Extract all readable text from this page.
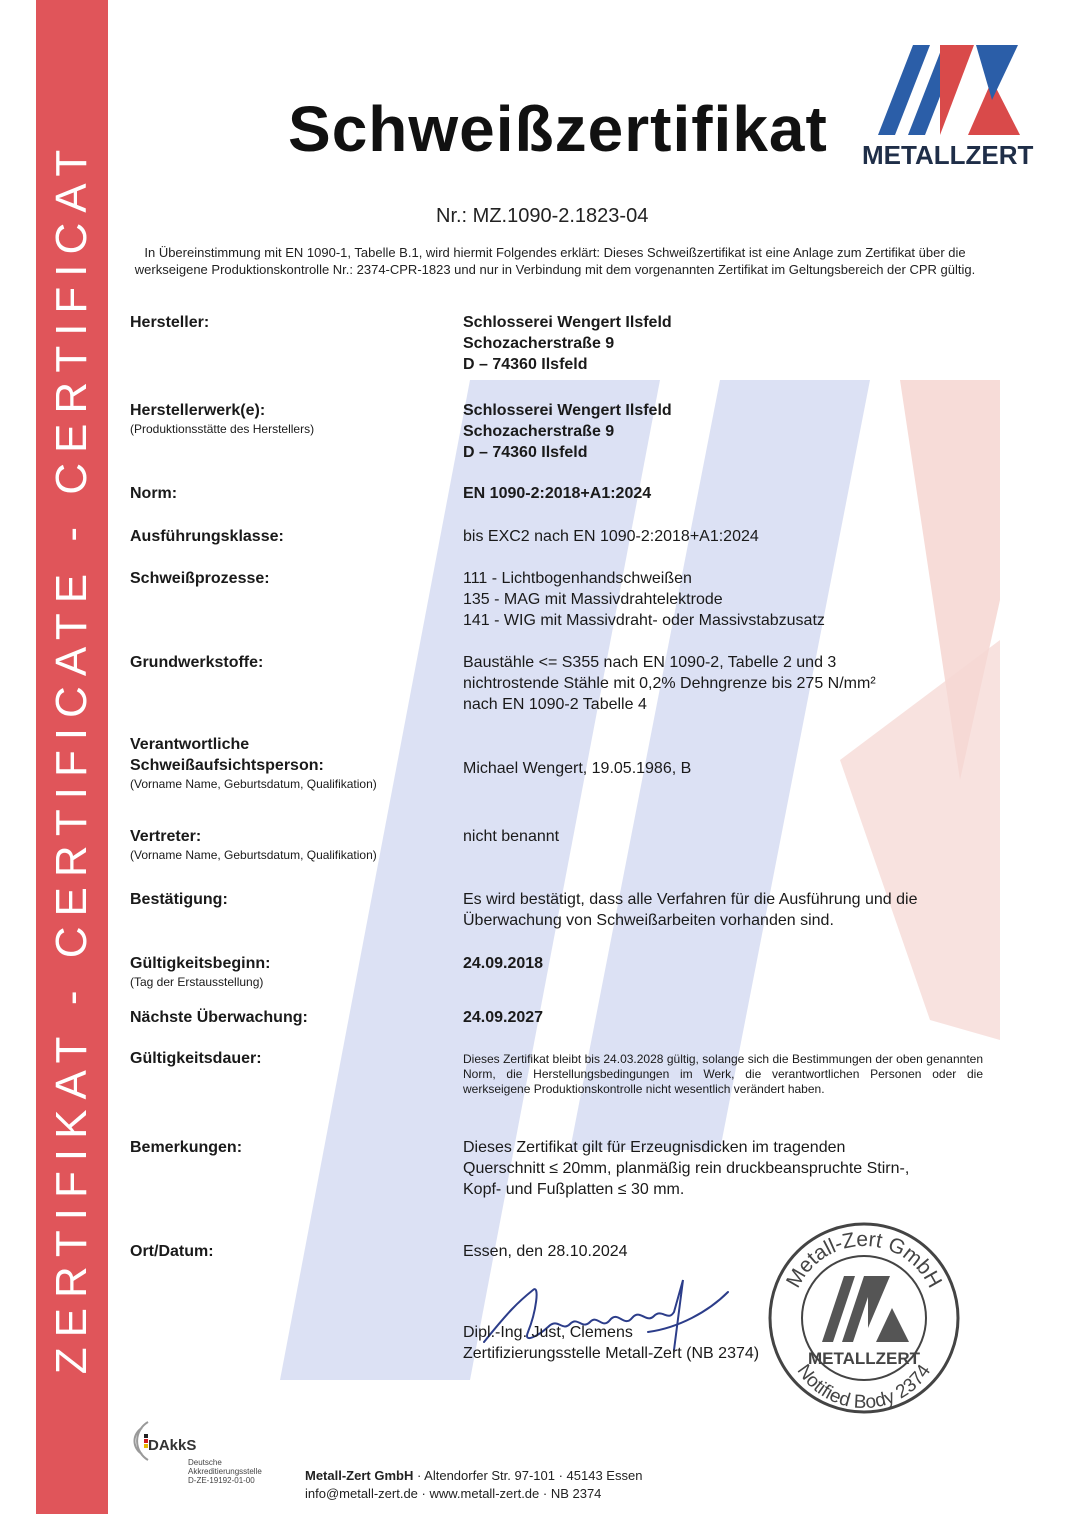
ZERTIFIKAT - CERTIFICATE - CERTIFICAT
Schweißzertifikat METALLZERT
Nr.: MZ.1090-2.1823-04
In Übereinstimmung mit EN 1090-1, Tabelle B.1, wird hiermit Folgendes erklärt: Dieses Schweißzertifikat ist eine Anlage zum Zertifikat über die werkseigene Produktionskontrolle Nr.: 2374-CPR-1823 und nur in Verbindung mit dem vorgenannten Zertifikat im Geltungsbereich der CPR gültig.
Hersteller:	Schlosserei Wengert Ilsfeld
Schozacherstraße 9
D – 74360 Ilsfeld
Herstellerwerk(e):
(Produktionsstätte des Herstellers)
Schlosserei Wengert Ilsfeld
Schozacherstraße 9
D – 74360 Ilsfeld
Norm:	EN 1090-2:2018+A1:2024
Ausführungsklasse:	bis EXC2 nach EN 1090-2:2018+A1:2024
Schweißprozesse:	111 - Lichtbogenhandschweißen
135 - MAG mit Massivdrahtelektrode
141 - WIG mit Massivdraht- oder Massivstabzusatz
Grundwerkstoffe:	Baustähle <= S355 nach EN 1090-2, Tabelle 2 und 3
nichtrostende Stähle mit 0,2% Dehngrenze bis 275 N/mm²
nach EN 1090-2 Tabelle 4
Verantwortliche
Schweißaufsichtsperson:
(Vorname Name, Geburtsdatum, Qualifikation)
Michael Wengert, 19.05.1986, B
Vertreter:
(Vorname Name, Geburtsdatum, Qualifikation)
nicht benannt
Bestätigung:	Es wird bestätigt, dass alle Verfahren für die Ausführung und die Überwachung von Schweißarbeiten vorhanden sind.
Gültigkeitsbeginn:
(Tag der Erstausstellung)
24.09.2018
Nächste Überwachung:	24.09.2027
Gültigkeitsdauer:	Dieses Zertifikat bleibt bis 24.03.2028 gültig, solange sich die Bestimmungen der oben genannten Norm, die Herstellungsbedingungen im Werk, die verantwortlichen Personen oder die werkseigene Produktionskontrolle nicht wesentlich verändert haben.
Bemerkungen:	Dieses Zertifikat gilt für Erzeugnisdicken im tragenden
Querschnitt ≤ 20mm, planmäßig rein druckbeanspruchte Stirn-,
Kopf- und Fußplatten ≤ 30 mm.
Ort/Datum:	Essen, den 28.10.2024
Dipl.-Ing. Just, Clemens
Zertifizierungsstelle Metall-Zert (NB 2374)
Metall-Zert GmbH
Notified Body 2374
METALLZERT
DAkkS
Deutsche
Akkreditierungsstelle
D-ZE-19192-01-00	Metall-Zert GmbH · Altendorfer Str. 97-101 · 45143 Essen
info@metall-zert.de · www.metall-zert.de · NB 2374
